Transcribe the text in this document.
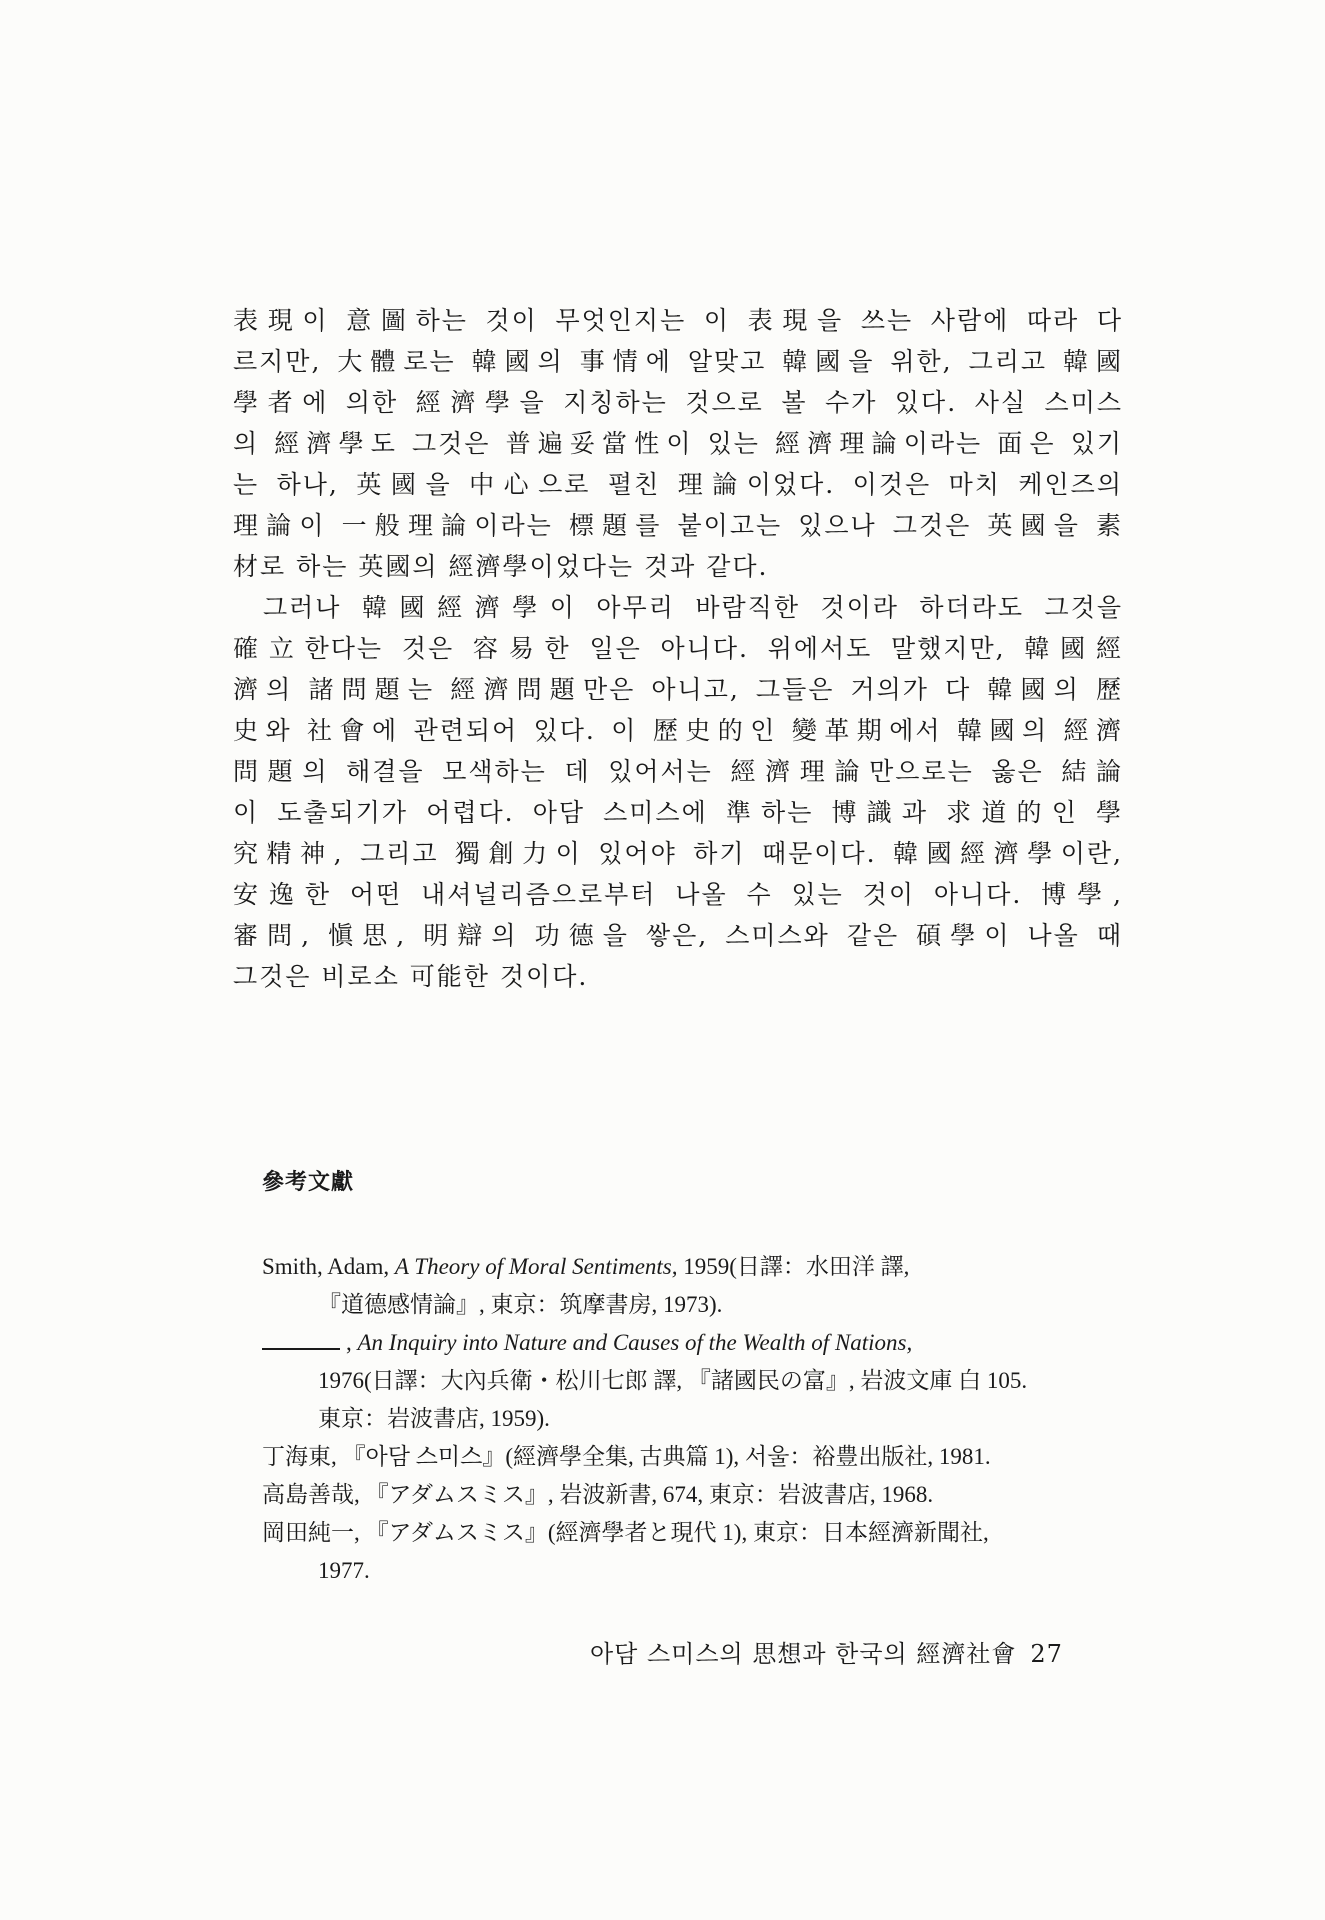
表現이 意圖하는 것이 무엇인지는 이 表現을 쓰는 사람에 따라 다
르지만, 大體로는 韓國의 事情에 알맞고 韓國을 위한, 그리고 韓國
學者에 의한 經濟學을 지칭하는 것으로 볼 수가 있다. 사실 스미스
의 經濟學도 그것은 普遍妥當性이 있는 經濟理論이라는 面은 있기
는 하나, 英國을 中心으로 펼친 理論이었다. 이것은 마치 케인즈의
理論이 一般理論이라는 標題를 붙이고는 있으나 그것은 英國을 素
材로 하는 英國의 經濟學이었다는 것과 같다.
그러나 韓國經濟學이 아무리 바람직한 것이라 하더라도 그것을
確立한다는 것은 容易한 일은 아니다. 위에서도 말했지만, 韓國經
濟의 諸問題는 經濟問題만은 아니고, 그들은 거의가 다 韓國의 歷
史와 社會에 관련되어 있다. 이 歷史的인 變革期에서 韓國의 經濟
問題의 해결을 모색하는 데 있어서는 經濟理論만으로는 옳은 結論
이 도출되기가 어렵다. 아담 스미스에 準하는 博識과 求道的인 學
究精神, 그리고 獨創力이 있어야 하기 때문이다. 韓國經濟學이란,
安逸한 어떤 내셔널리즘으로부터 나올 수 있는 것이 아니다. 博學,
審問, 愼思, 明辯의 功德을 쌓은, 스미스와 같은 碩學이 나올 때
그것은 비로소 可能한 것이다.
參考文獻
Smith, Adam, A Theory of Moral Sentiments, 1959(日譯：水田洋 譯,
『道德感情論』, 東京：筑摩書房, 1973).
, An Inquiry into Nature and Causes of the Wealth of Nations,
1976(日譯：大內兵衛・松川七郎 譯, 『諸國民の富』, 岩波文庫 白 105.
東京：岩波書店, 1959).
丁海東, 『아담 스미스』(經濟學全集, 古典篇 1), 서울：裕豊出版社, 1981.
高島善哉, 『アダムスミス』, 岩波新書, 674, 東京：岩波書店, 1968.
岡田純一, 『アダムスミス』(經濟學者と現代 1), 東京：日本經濟新聞社,
1977.
아담 스미스의 思想과 한국의 經濟社會 27
